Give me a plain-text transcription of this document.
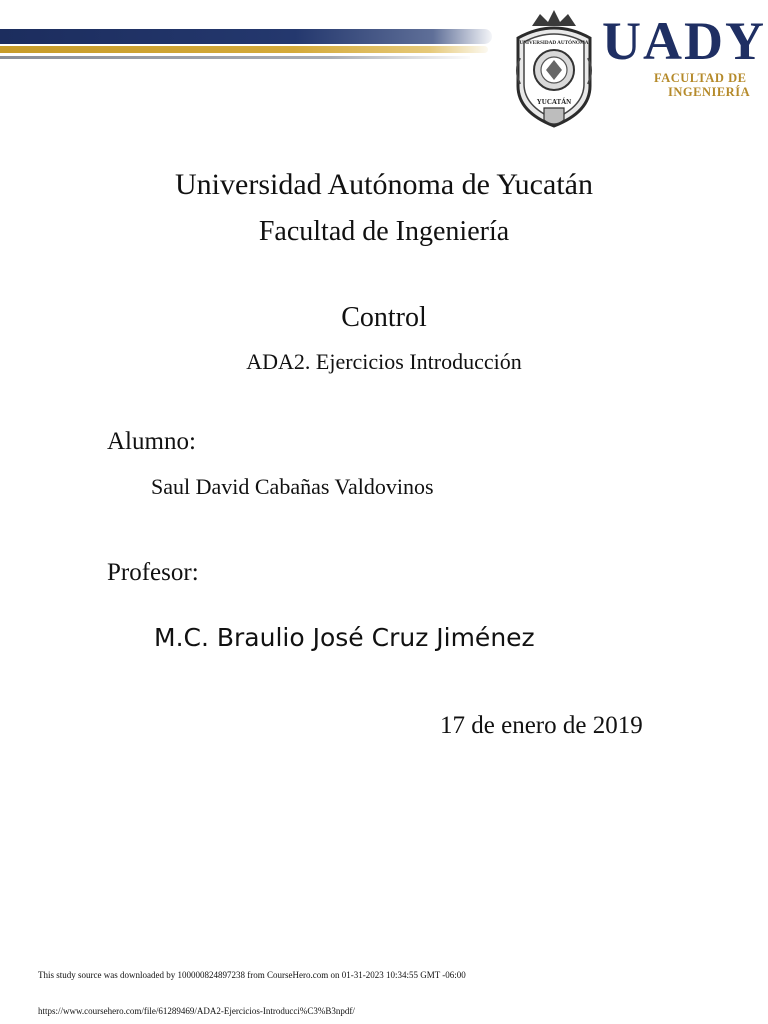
UNIVERSIDAD AUTÓNOMA
YUCATÁN
UADY
FACULTAD DE
INGENIERÍA
Universidad Autónoma de Yucatán
Facultad de Ingeniería
Control
ADA2. Ejercicios Introducción
Alumno:
Saul David Cabañas Valdovinos
Profesor:
M.C. Braulio José Cruz Jiménez
17 de enero de 2019
This study source was downloaded by 100000824897238 from CourseHero.com on 01-31-2023 10:34:55 GMT -06:00
https://www.coursehero.com/file/61289469/ADA2-Ejercicios-Introducci%C3%B3npdf/
